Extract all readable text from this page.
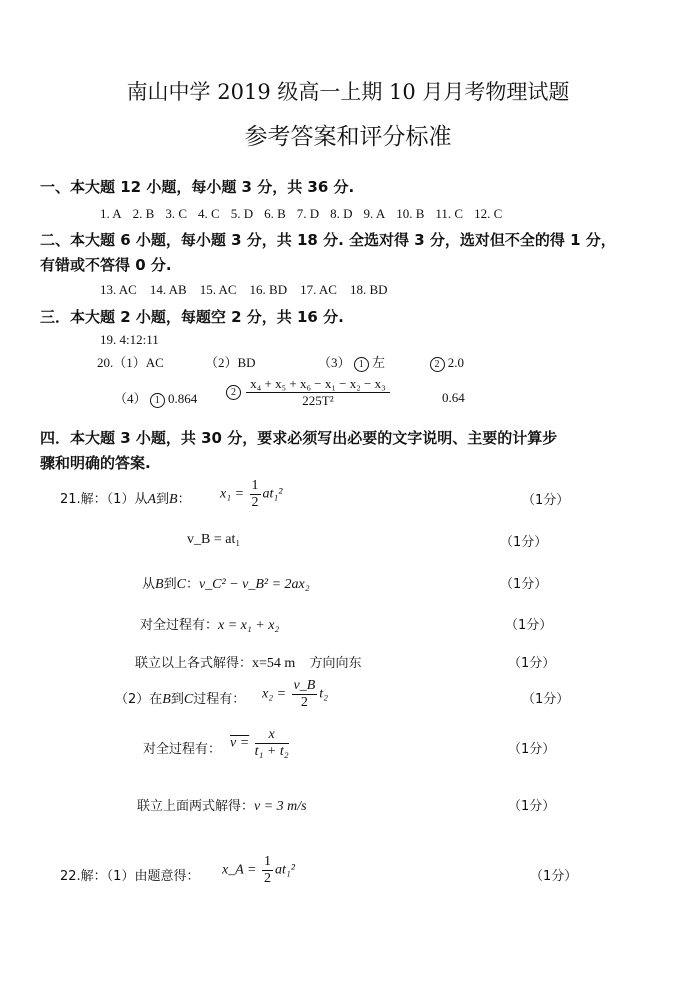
南山中学 2019 级高一上期 10 月月考物理试题
参考答案和评分标准
一、本大题 12 小题，每小题 3 分，共 36 分.
1. A 2. B 3. C 4. C 5. D 6. B 7. D 8. D 9. A 10. B 11. C 12. C
二、本大题 6 小题，每小题 3 分，共 18 分. 全选对得 3 分，选对但不全的得 1 分，
有错或不答得 0 分.
13. AC 14. AB 15. AC 16. BD 17. AC 18. BD
三．本大题 2 小题，每题空 2 分，共 16 分.
19. 4:12:11
20.（1）AC	（2）BD	（3） 1 左	2 2.0
（4） 1 0.864	$2 \frac{\text{x₄ + x₅ + x₆ − x₁ − x₂ − x₃}}{\text{225T²}}$	0.64
四．本大题 3 小题，共 30 分，要求必须写出必要的文字说明、主要的计算步
骤和明确的答案.
21.解：（1）从A到B： $x_1 = \frac{1}{2} at_1^2$	（1分）
v_B = at₁	（1分）
从B到C：v_C² − v_B² = 2ax₂	（1分）
对全过程有：x = x₁ + x₂	（1分）
联立以上各式解得：x=54 m 方向向东	（1分）
（2）在B到C过程有： $x_2 = \frac{v\_B}{2} t_2$	（1分）
对全过程有： $v = \frac{x}{\text{t₁ + t₂}}$	（1分）
联立上面两式解得：v = 3 m/s	（1分）
22.解：（1）由题意得： x_A = $\frac{1}{2} at_1^2$	（1分）
